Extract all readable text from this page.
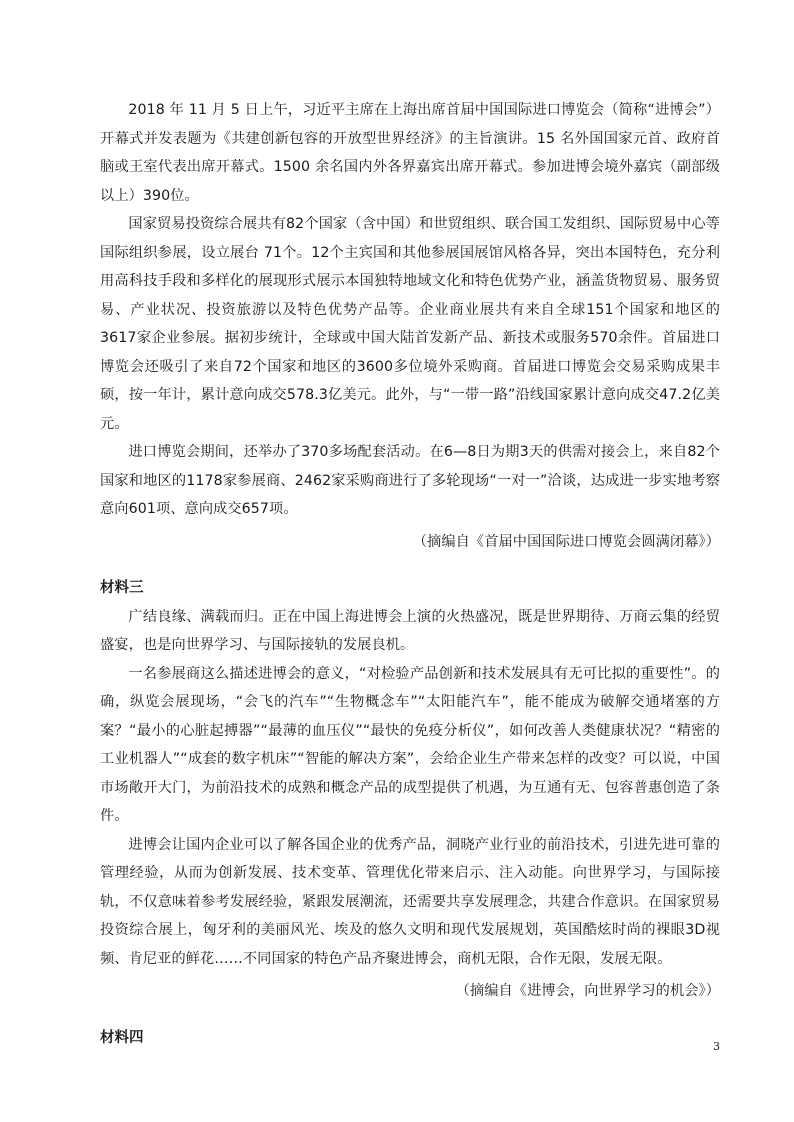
2018 年 11 月 5 日上午，习近平主席在上海出席首届中国国际进口博览会（简称“进博会”）开幕式并发表题为《共建创新包容的开放型世界经济》的主旨演讲。15 名外国国家元首、政府首脑或王室代表出席开幕式。1500 余名国内外各界嘉宾出席开幕式。参加进博会境外嘉宾（副部级以上）390位。

国家贸易投资综合展共有82个国家（含中国）和世贸组织、联合国工发组织、国际贸易中心等国际组织参展，设立展台 71个。12个主宾国和其他参展国展馆风格各异，突出本国特色，充分利用高科技手段和多样化的展现形式展示本国独特地域文化和特色优势产业，涵盖货物贸易、服务贸易、产业状况、投资旅游以及特色优势产品等。企业商业展共有来自全球151个国家和地区的3617家企业参展。据初步统计，全球或中国大陆首发新产品、新技术或服务570余件。首届进口博览会还吸引了来自72个国家和地区的3600多位境外采购商。首届进口博览会交易采购成果丰硕，按一年计，累计意向成交578.3亿美元。此外，与“一带一路”沿线国家累计意向成交47.2亿美元。

进口博览会期间，还举办了370多场配套活动。在6—8日为期3天的供需对接会上，来自82个国家和地区的1178家参展商、2462家采购商进行了多轮现场“一对一”洽谈，达成进一步实地考察意向601项、意向成交657项。

（摘编自《首届中国国际进口博览会圆满闭幕》）

材料三

广结良缘、满载而归。正在中国上海进博会上演的火热盛况，既是世界期待、万商云集的经贸盛宴，也是向世界学习、与国际接轨的发展良机。

一名参展商这么描述进博会的意义，“对检验产品创新和技术发展具有无可比拟的重要性”。的确，纵览会展现场，“会飞的汽车”“生物概念车”“太阳能汽车”，能不能成为破解交通堵塞的方案？“最小的心脏起搏器”“最薄的血压仪”“最快的免疫分析仪”，如何改善人类健康状况？“精密的工业机器人”“成套的数字机床”“智能的解决方案”，会给企业生产带来怎样的改变？可以说，中国市场敞开大门，为前沿技术的成熟和概念产品的成型提供了机遇，为互通有无、包容普惠创造了条件。

进博会让国内企业可以了解各国企业的优秀产品，洞晓产业行业的前沿技术，引进先进可靠的管理经验，从而为创新发展、技术变革、管理优化带来启示、注入动能。向世界学习，与国际接轨，不仅意味着参考发展经验，紧跟发展潮流，还需要共享发展理念，共建合作意识。在国家贸易投资综合展上，匈牙利的美丽风光、埃及的悠久文明和现代发展规划，英国酷炫时尚的裸眼3D视频、肯尼亚的鲜花……不同国家的特色产品齐聚进博会，商机无限，合作无限，发展无限。

（摘编自《进博会，向世界学习的机会》）

材料四
3
